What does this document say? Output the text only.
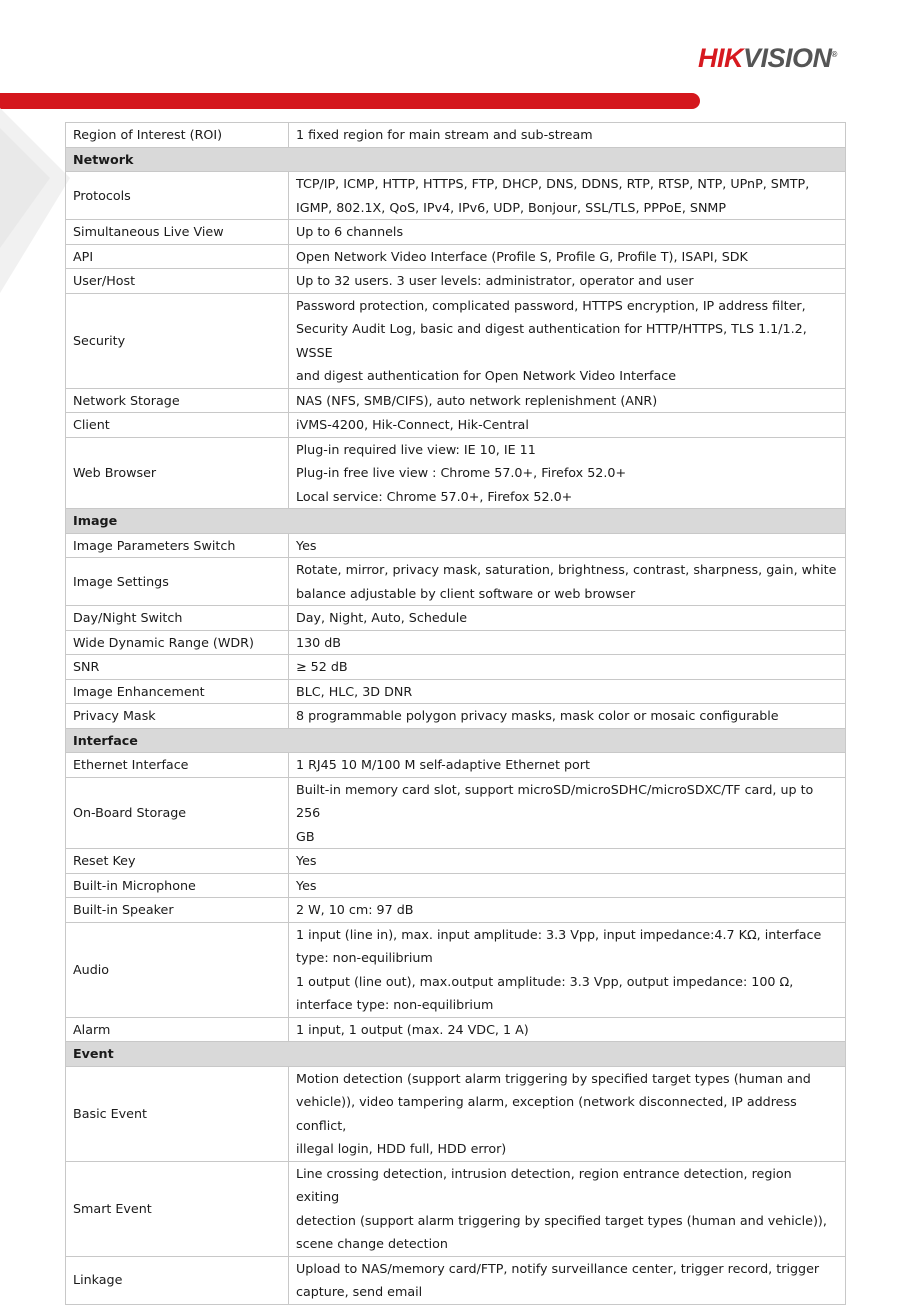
HIKVISION®
Region of Interest (ROI)	1 fixed region for main stream and sub-stream
Network	
Protocols	TCP/IP, ICMP, HTTP, HTTPS, FTP, DHCP, DNS, DDNS, RTP, RTSP, NTP, UPnP, SMTP,
IGMP, 802.1X, QoS, IPv4, IPv6, UDP, Bonjour, SSL/TLS, PPPoE, SNMP
Simultaneous Live View	Up to 6 channels
API	Open Network Video Interface (Profile S, Profile G, Profile T), ISAPI, SDK
User/Host	Up to 32 users. 3 user levels: administrator, operator and user
Security	Password protection, complicated password, HTTPS encryption, IP address filter,
Security Audit Log, basic and digest authentication for HTTP/HTTPS, TLS 1.1/1.2, WSSE
and digest authentication for Open Network Video Interface
Network Storage	NAS (NFS, SMB/CIFS), auto network replenishment (ANR)
Client	iVMS-4200, Hik-Connect, Hik-Central
Web Browser	Plug-in required live view: IE 10, IE 11
Plug-in free live view : Chrome 57.0+, Firefox 52.0+
Local service: Chrome 57.0+, Firefox 52.0+
Image	
Image Parameters Switch	Yes
Image Settings	Rotate, mirror, privacy mask, saturation, brightness, contrast, sharpness, gain, white
balance adjustable by client software or web browser
Day/Night Switch	Day, Night, Auto, Schedule
Wide Dynamic Range (WDR)	130 dB
SNR	≥ 52 dB
Image Enhancement	BLC, HLC, 3D DNR
Privacy Mask	8 programmable polygon privacy masks, mask color or mosaic configurable
Interface	
Ethernet Interface	1 RJ45 10 M/100 M self-adaptive Ethernet port
On-Board Storage	Built-in memory card slot, support microSD/microSDHC/microSDXC/TF card, up to 256
GB
Reset Key	Yes
Built-in Microphone	Yes
Built-in Speaker	2 W, 10 cm: 97 dB
Audio	1 input (line in), max. input amplitude: 3.3 Vpp, input impedance:4.7 KΩ, interface
type: non-equilibrium
1 output (line out), max.output amplitude: 3.3 Vpp, output impedance: 100 Ω,
interface type: non-equilibrium
Alarm	1 input, 1 output (max. 24 VDC, 1 A)
Event	
Basic Event	Motion detection (support alarm triggering by specified target types (human and
vehicle)), video tampering alarm, exception (network disconnected, IP address conflict,
illegal login, HDD full, HDD error)
Smart Event	Line crossing detection, intrusion detection, region entrance detection, region exiting
detection (support alarm triggering by specified target types (human and vehicle)),
scene change detection
Linkage	Upload to NAS/memory card/FTP, notify surveillance center, trigger record, trigger
capture, send email
